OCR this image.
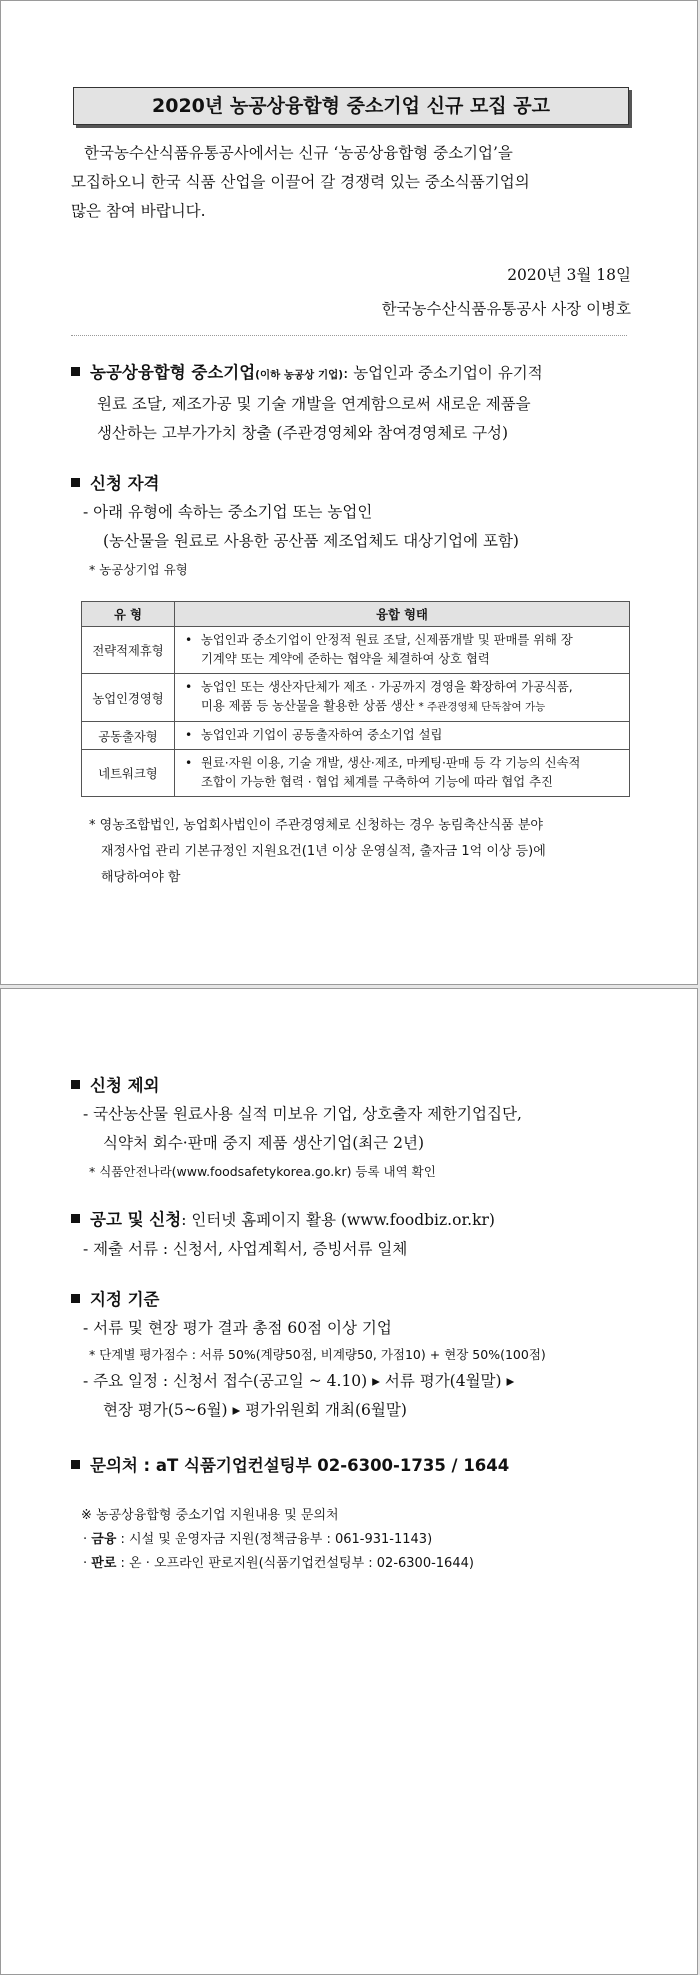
2020년 농공상융합형 중소기업 신규 모집 공고

한국농수산식품유통공사에서는 신규 ‘농공상융합형 중소기업’을

모집하오니 한국 식품 산업을 이끌어 갈 경쟁력 있는 중소식품기업의

많은 참여 바랍니다.

2020년 3월 18일
한국농수산식품유통공사 사장 이병호
농공상융합형 중소기업 (이하 농공상 기업) : 농업인과 중소기업이 유기적
원료 조달, 제조가공 및 기술 개발을 연계함으로써 새로운 제품을
생산하는 고부가가치 창출 (주관경영체와 참여경영체로 구성)
신청 자격
- 아래 유형에 속하는 중소기업 또는 농업인
(농산물을 원료로 사용한 공산품 제조업체도 대상기업에 포함)
* 농공상기업 유형
유 형	융합 형태
전략적제휴형	• 농업인과 중소기업이 안정적 원료 조달, 신제품개발 및 판매를 위해 장
기계약 또는 계약에 준하는 협약을 체결하여 상호 협력

농업인경영형	• 농업인 또는 생산자단체가 제조 · 가공까지 경영을 확장하여 가공식품,
미용 제품 등 농산물을 활용한 상품 생산 * 주관경영체 단독참여 가능

공동출자형	• 농업인과 기업이 공동출자하여 중소기업 설립

네트워크형	• 원료·자원 이용, 기술 개발, 생산·제조, 마케팅·판매 등 각 기능의 신속적
조합이 가능한 협력 · 협업 체계를 구축하여 기능에 따라 협업 추진
* 영농조합법인, 농업회사법인이 주관경영체로 신청하는 경우 농림축산식품 분야
재정사업 관리 기본규정인 지원요건(1년 이상 운영실적, 출자금 1억 이상 등)에
해당하여야 함
신청 제외
- 국산농산물 원료사용 실적 미보유 기업, 상호출자 제한기업집단,
식약처 회수·판매 중지 제품 생산기업(최근 2년)
* 식품안전나라(www.foodsafetykorea.go.kr) 등록 내역 확인
공고 및 신청 : 인터넷 홈페이지 활용 (www.foodbiz.or.kr)
- 제출 서류 : 신청서, 사업계획서, 증빙서류 일체
지정 기준
- 서류 및 현장 평가 결과 총점 60점 이상 기업
* 단계별 평가점수 : 서류 50%(계량50점, 비계량50, 가점10) + 현장 50%(100점)
- 주요 일정 : 신청서 접수(공고일 ~ 4.10) ▸ 서류 평가(4월말) ▸
현장 평가(5~6월) ▸ 평가위원회 개최(6월말)
문의처 : aT 식품기업컨설팅부 02-6300-1735 / 1644
※ 농공상융합형 중소기업 지원내용 및 문의처
· 금융 : 시설 및 운영자금 지원(정책금융부 : 061-931-1143)
· 판로 : 온 · 오프라인 판로지원(식품기업컨설팅부 : 02-6300-1644)
